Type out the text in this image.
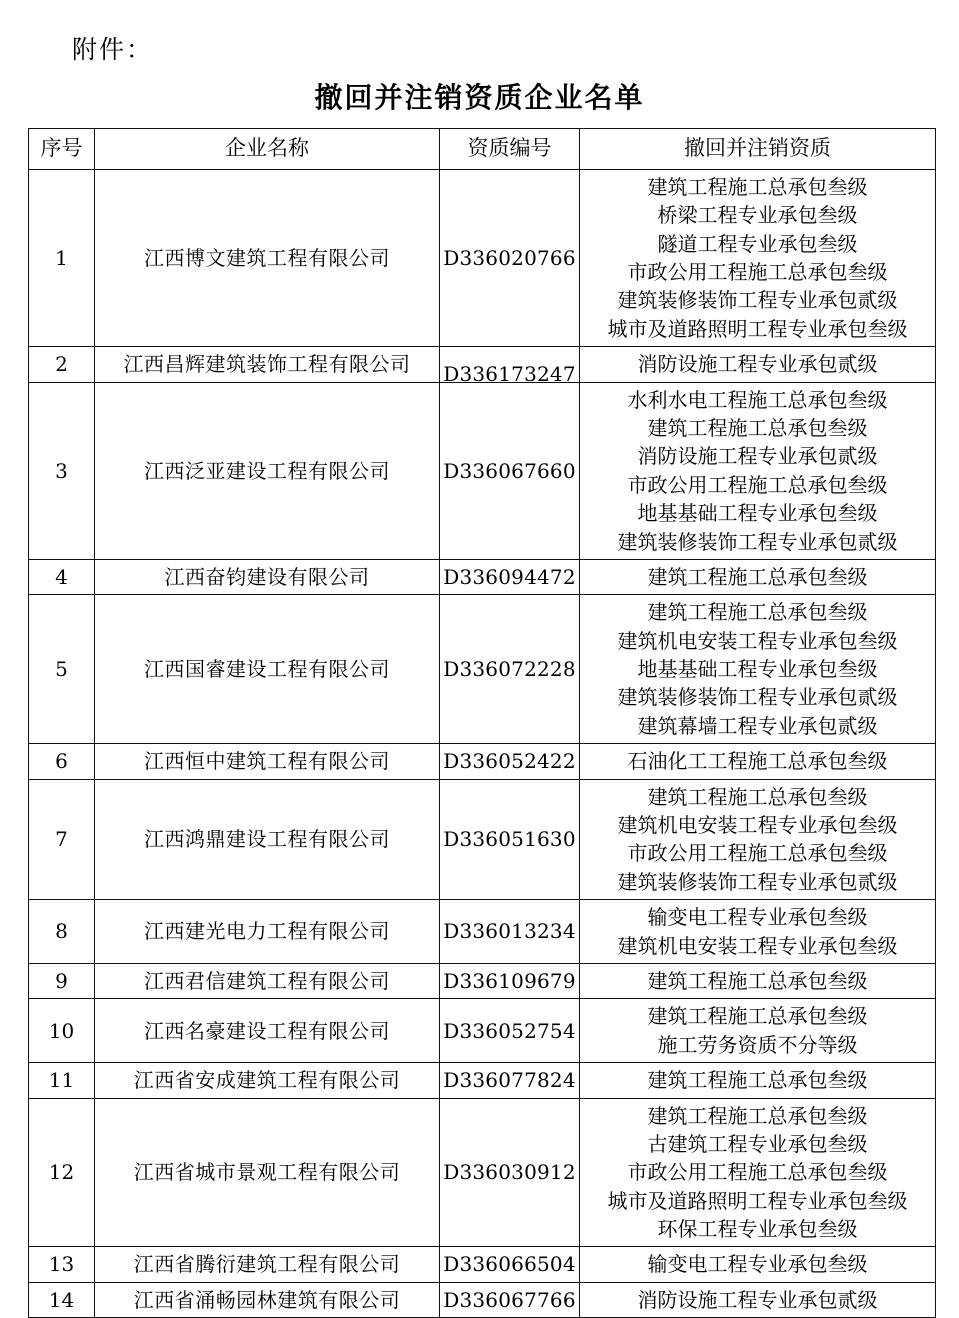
附件：
撤回并注销资质企业名单
序号	企业名称	资质编号	撤回并注销资质
1	江西博文建筑工程有限公司	D336020766	
建筑工程施工总承包叁级
桥梁工程专业承包叁级
隧道工程专业承包叁级
市政公用工程施工总承包叁级
建筑装修装饰工程专业承包贰级
城市及道路照明工程专业承包叁级

2	江西昌辉建筑装饰工程有限公司	D336173247	消防设施工程专业承包贰级

3	江西泛亚建设工程有限公司	D336067660	
水利水电工程施工总承包叁级
建筑工程施工总承包叁级
消防设施工程专业承包贰级
市政公用工程施工总承包叁级
地基基础工程专业承包叁级
建筑装修装饰工程专业承包贰级

4	江西奋钧建设有限公司	D336094472	建筑工程施工总承包叁级

5	江西国睿建设工程有限公司	D336072228	建筑工程施工总承包叁级
建筑机电安装工程专业承包叁级
地基基础工程专业承包叁级
建筑装修装饰工程专业承包贰级
建筑幕墙工程专业承包贰级

6	江西恒中建筑工程有限公司	D336052422	石油化工工程施工总承包叁级

7	江西鸿鼎建设工程有限公司	D336051630	建筑工程施工总承包叁级
建筑机电安装工程专业承包叁级
市政公用工程施工总承包叁级
建筑装修装饰工程专业承包贰级

8	江西建光电力工程有限公司	D336013234	输变电工程专业承包叁级
建筑机电安装工程专业承包叁级

9	江西君信建筑工程有限公司	D336109679	建筑工程施工总承包叁级

10	江西名豪建设工程有限公司	D336052754	建筑工程施工总承包叁级
施工劳务资质不分等级

11	江西省安成建筑工程有限公司	D336077824	建筑工程施工总承包叁级

12	江西省城市景观工程有限公司	D336030912	建筑工程施工总承包叁级
古建筑工程专业承包叁级
市政公用工程施工总承包叁级
城市及道路照明工程专业承包叁级
环保工程专业承包叁级

13	江西省腾衍建筑工程有限公司	D336066504	输变电工程专业承包叁级

14	江西省涌畅园林建筑有限公司	D336067766	消防设施工程专业承包贰级
